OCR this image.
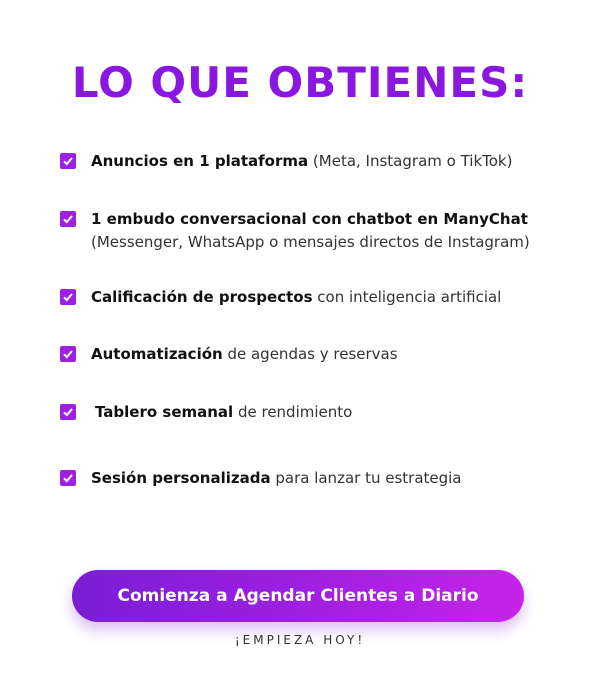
LO QUE OBTIENES:
Anuncios en 1 plataforma (Meta, Instagram o TikTok)
1 embudo conversacional con chatbot en ManyChat (Messenger, WhatsApp o mensajes directos de Instagram)
Calificación de prospectos con inteligencia artificial
Automatización de agendas y reservas
Tablero semanal de rendimiento
Sesión personalizada para lanzar tu estrategia
Comienza a Agendar Clientes a Diario
¡EMPIEZA HOY!
